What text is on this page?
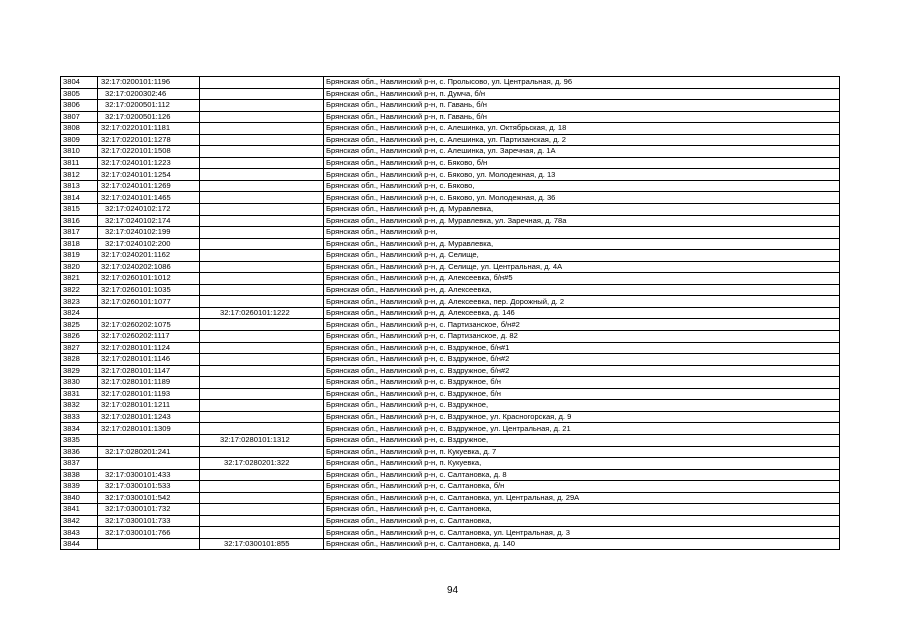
3804	32:17:0200101:1196		Брянская обл., Навлинский р-н, с. Пролысово, ул. Центральная, д. 96
3805	32:17:0200302:46		Брянская обл., Навлинский р-н, п. Думча, б/н
3806	32:17:0200501:112		Брянская обл., Навлинский р-н, п. Гавань, б/н
3807	32:17:0200501:126		Брянская обл., Навлинский р-н, п. Гавань, б/н
3808	32:17:0220101:1181		Брянская обл., Навлинский р-н, с. Алешинка, ул. Октябрьская, д. 18
3809	32:17:0220101:1278		Брянская обл., Навлинский р-н, с. Алешинка, ул. Партизанская, д. 2
3810	32:17:0220101:1508		Брянская обл., Навлинский р-н, с. Алешинка, ул. Заречная, д. 1А
3811	32:17:0240101:1223		Брянская обл., Навлинский р-н, с. Бяково, б/н
3812	32:17:0240101:1254		Брянская обл., Навлинский р-н, с. Бяково, ул. Молодежная, д. 13
3813	32:17:0240101:1269		Брянская обл., Навлинский р-н, с. Бяково,
3814	32:17:0240101:1465		Брянская обл., Навлинский р-н, с. Бяково, ул. Молодежная, д. 36
3815	32:17:0240102:172		Брянская обл., Навлинский р-н, д. Муравлевка,
3816	32:17:0240102:174		Брянская обл., Навлинский р-н, д. Муравлевка, ул. Заречная, д. 78а
3817	32:17:0240102:199		Брянская обл., Навлинский р-н,
3818	32:17:0240102:200		Брянская обл., Навлинский р-н, д. Муравлевка,
3819	32:17:0240201:1162		Брянская обл., Навлинский р-н, д. Селище,
3820	32:17:0240202:1086		Брянская обл., Навлинский р-н, д. Селище, ул. Центральная, д. 4А
3821	32:17:0260101:1012		Брянская обл., Навлинский р-н, д. Алексеевка, б/н#5
3822	32:17:0260101:1035		Брянская обл., Навлинский р-н, д. Алексеевка,
3823	32:17:0260101:1077		Брянская обл., Навлинский р-н, д. Алексеевка, пер. Дорожный, д. 2
3824		32:17:0260101:1222	Брянская обл., Навлинский р-н, д. Алексеевка, д. 146
3825	32:17:0260202:1075		Брянская обл., Навлинский р-н, с. Партизанское, б/н#2
3826	32:17:0260202:1117		Брянская обл., Навлинский р-н, с. Партизанское, д. 82
3827	32:17:0280101:1124		Брянская обл., Навлинский р-н, с. Вздружное, б/н#1
3828	32:17:0280101:1146		Брянская обл., Навлинский р-н, с. Вздружное, б/н#2
3829	32:17:0280101:1147		Брянская обл., Навлинский р-н, с. Вздружное, б/н#2
3830	32:17:0280101:1189		Брянская обл., Навлинский р-н, с. Вздружное, б/н
3831	32:17:0280101:1193		Брянская обл., Навлинский р-н, с. Вздружное, б/н
3832	32:17:0280101:1211		Брянская обл., Навлинский р-н, с. Вздружное,
3833	32:17:0280101:1243		Брянская обл., Навлинский р-н, с. Вздружное, ул. Красногорская, д. 9
3834	32:17:0280101:1309		Брянская обл., Навлинский р-н, с. Вздружное, ул. Центральная, д. 21
3835		32:17:0280101:1312	Брянская обл., Навлинский р-н, с. Вздружное,
3836	32:17:0280201:241		Брянская обл., Навлинский р-н, п. Кукуевка, д. 7
3837		32:17:0280201:322	Брянская обл., Навлинский р-н, п. Кукуевка,
3838	32:17:0300101:433		Брянская обл., Навлинский р-н, с. Салтановка, д. 8
3839	32:17:0300101:533		Брянская обл., Навлинский р-н, с. Салтановка, б/н
3840	32:17:0300101:542		Брянская обл., Навлинский р-н, с. Салтановка, ул. Центральная, д. 29А
3841	32:17:0300101:732		Брянская обл., Навлинский р-н, с. Салтановка,
3842	32:17:0300101:733		Брянская обл., Навлинский р-н, с. Салтановка,
3843	32:17:0300101:766		Брянская обл., Навлинский р-н, с. Салтановка, ул. Центральная, д. 3
3844		32:17:0300101:855	Брянская обл., Навлинский р-н, с. Салтановка, д. 140
94
